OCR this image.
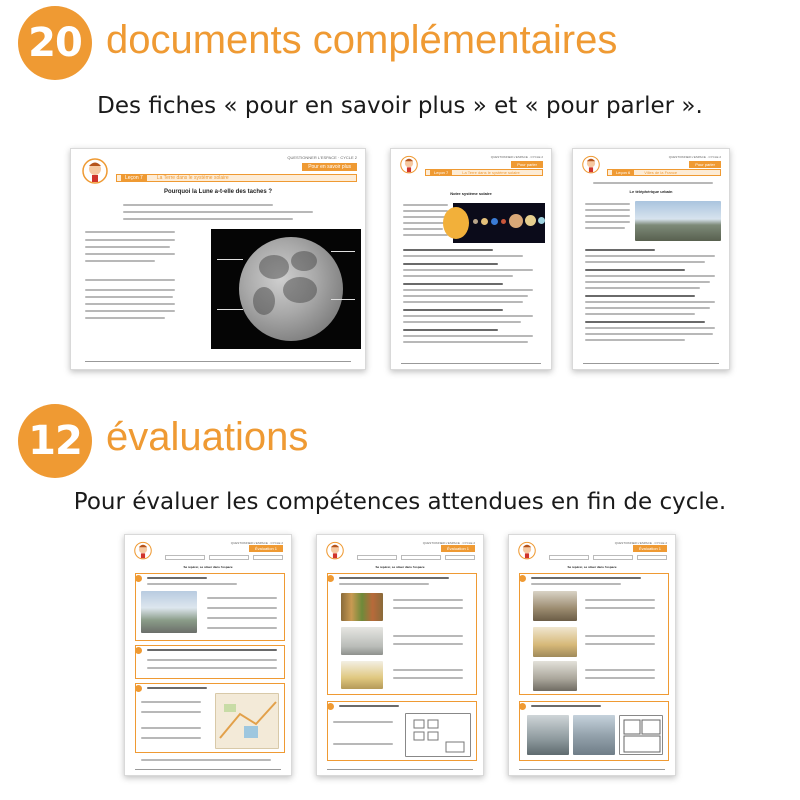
20 documents complémentaires
Des fiches « pour en savoir plus » et « pour parler ».
QUESTIONNER L'ESPACE · CYCLE 2
Pour en savoir plus
Leçon 7	La Terre dans le système solaire
Pourquoi la Lune a-t-elle des taches ?
QUESTIONNER L'ESPACE · CYCLE 2
Pour parler
Leçon 7	La Terre dans le système solaire
Notre système solaire
QUESTIONNER L'ESPACE · CYCLE 2
Pour parler
Leçon 6	Villes de la France
Le téléphérique urbain
12 évaluations
Pour évaluer les compétences attendues en fin de cycle.
QUESTIONNER L'ESPACE · CYCLE 2
Évaluation 1
Se repérer, se situer dans l'espace
QUESTIONNER L'ESPACE · CYCLE 2
Évaluation 1
Se repérer, se situer dans l'espace
QUESTIONNER L'ESPACE · CYCLE 2
Évaluation 1
Se repérer, se situer dans l'espace
